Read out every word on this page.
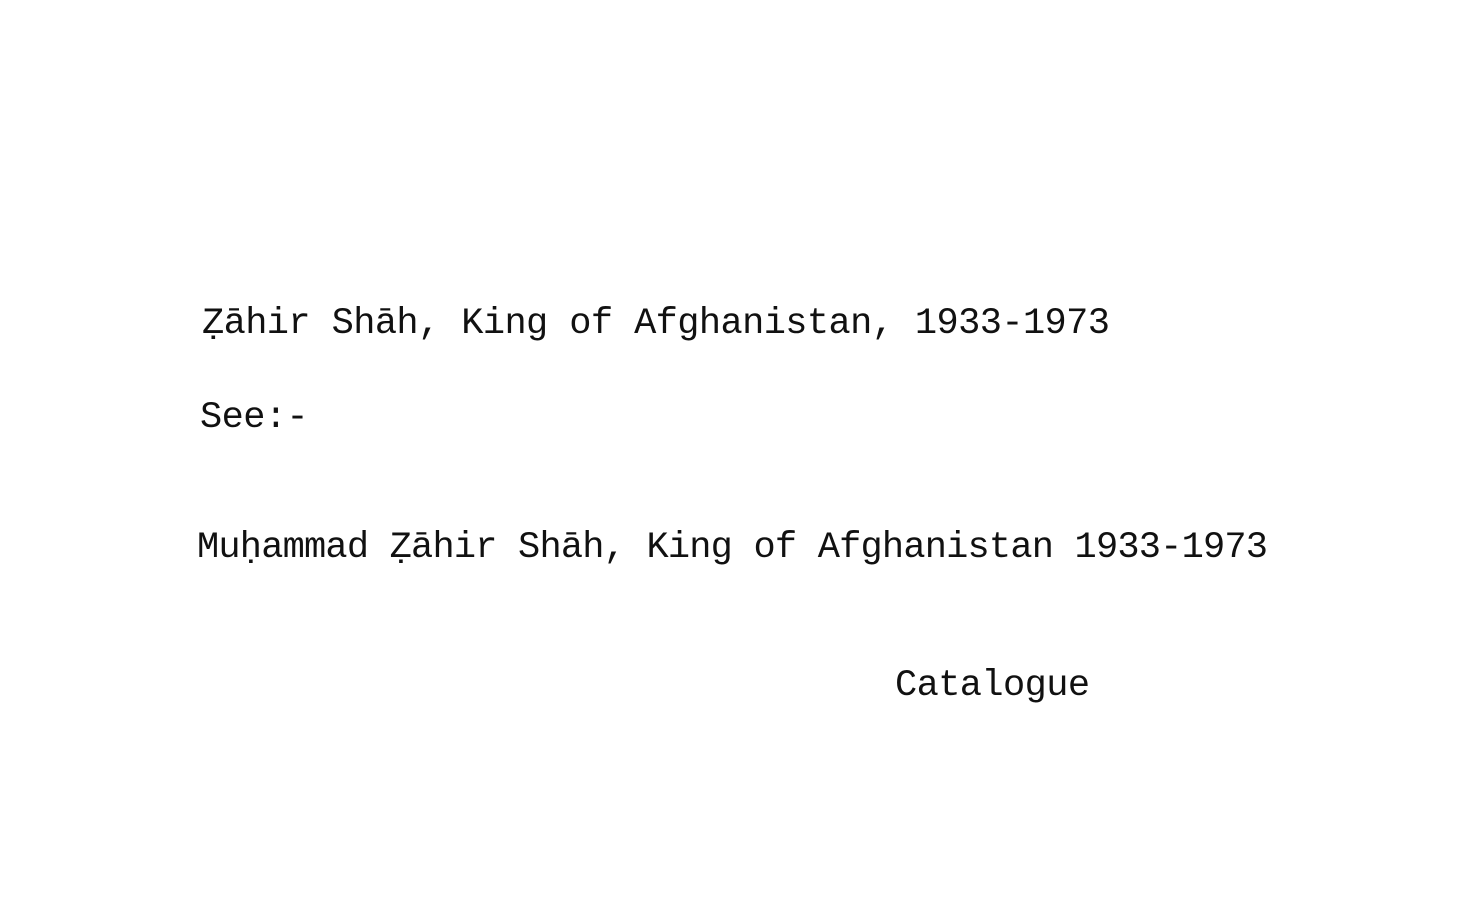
Ẓāhir Shāh, King of Afghanistan, 1933-1973
See:-
Muḥammad Ẓāhir Shāh, King of Afghanistan 1933-1973
Catalogue
